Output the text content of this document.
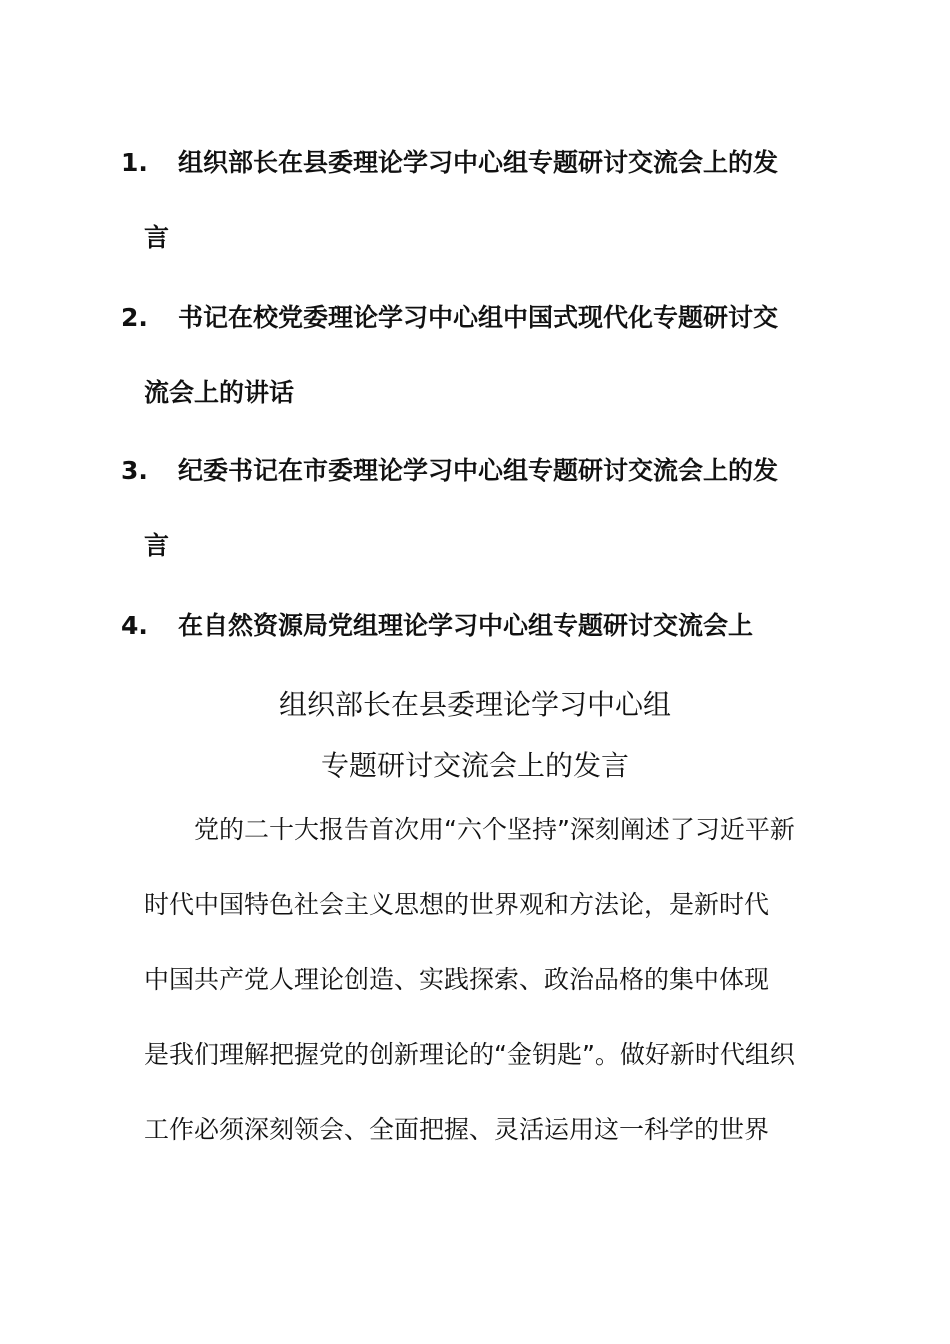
1. 组织部长在县委理论学习中心组专题研讨交流会上的发
言
2. 书记在校党委理论学习中心组中国式现代化专题研讨交
流会上的讲话
3. 纪委书记在市委理论学习中心组专题研讨交流会上的发
言
4. 在自然资源局党组理论学习中心组专题研讨交流会上
组织部长在县委理论学习中心组
专题研讨交流会上的发言
党的二十大报告首次用“六个坚持”深刻阐述了习近平新
时代中国特色社会主义思想的世界观和方法论，是新时代
中国共产党人理论创造、实践探索、政治品格的集中体现
是我们理解把握党的创新理论的“金钥匙”。做好新时代组织
工作必须深刻领会、全面把握、灵活运用这一科学的世界
